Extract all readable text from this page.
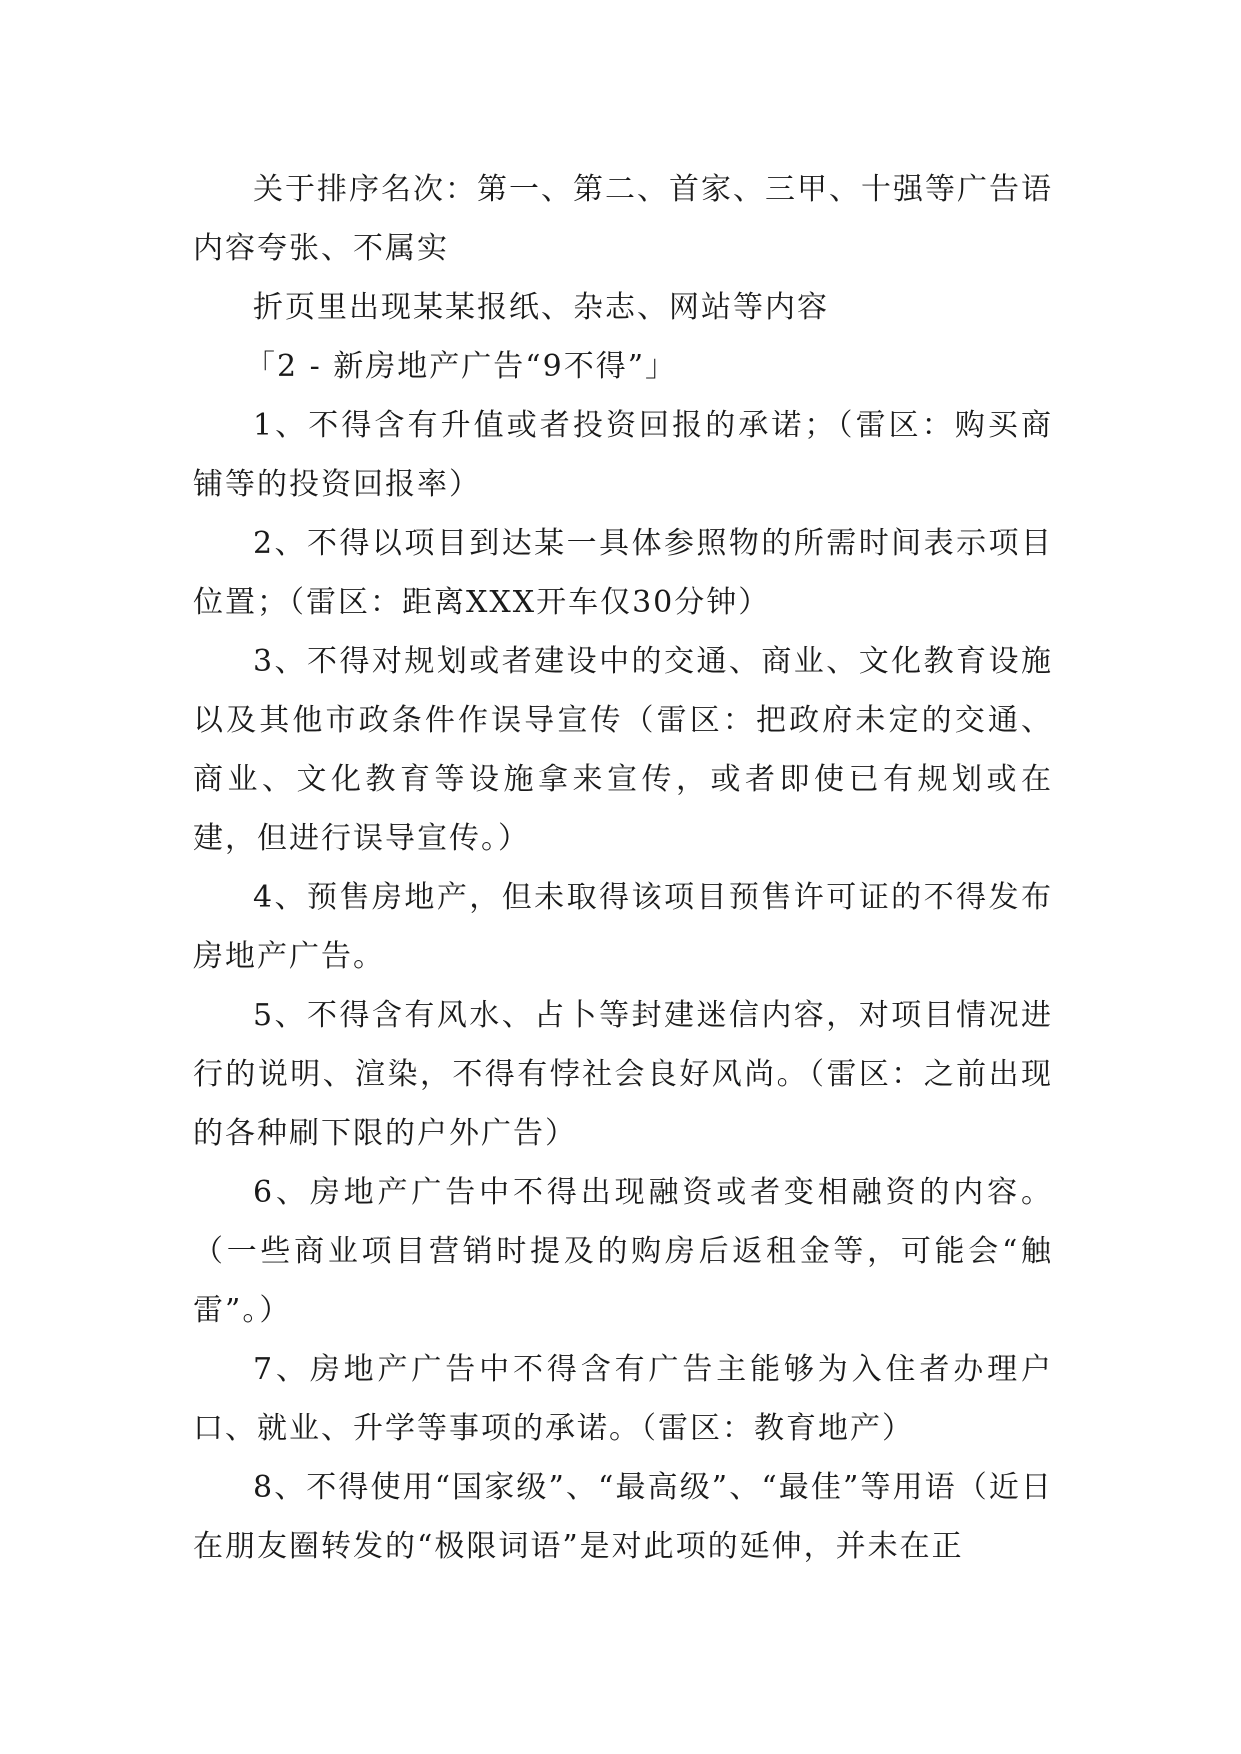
关于排序名次：第一、第二、首家、三甲、十强等广告语内容夸张、不属实

折页里出现某某报纸、杂志、网站等内容

「2 - 新房地产广告“9不得”」

1、不得含有升值或者投资回报的承诺；（雷区：购买商铺等的投资回报率）

2、不得以项目到达某一具体参照物的所需时间表示项目位置；（雷区：距离XXX开车仅30分钟）

3、不得对规划或者建设中的交通、商业、文化教育设施以及其他市政条件作误导宣传（雷区：把政府未定的交通、商业、文化教育等设施拿来宣传，或者即使已有规划或在建，但进行误导宣传。）

4、预售房地产，但未取得该项目预售许可证的不得发布房地产广告。

5、不得含有风水、占卜等封建迷信内容，对项目情况进行的说明、渲染，不得有悖社会良好风尚。（雷区：之前出现的各种刷下限的户外广告）

6、房地产广告中不得出现融资或者变相融资的内容。（一些商业项目营销时提及的购房后返租金等，可能会“触雷”。）

7、房地产广告中不得含有广告主能够为入住者办理户口、就业、升学等事项的承诺。（雷区：教育地产）

8、不得使用“国家级”、“最高级”、“最佳”等用语（近日在朋友圈转发的“极限词语”是对此项的延伸，并未在正
